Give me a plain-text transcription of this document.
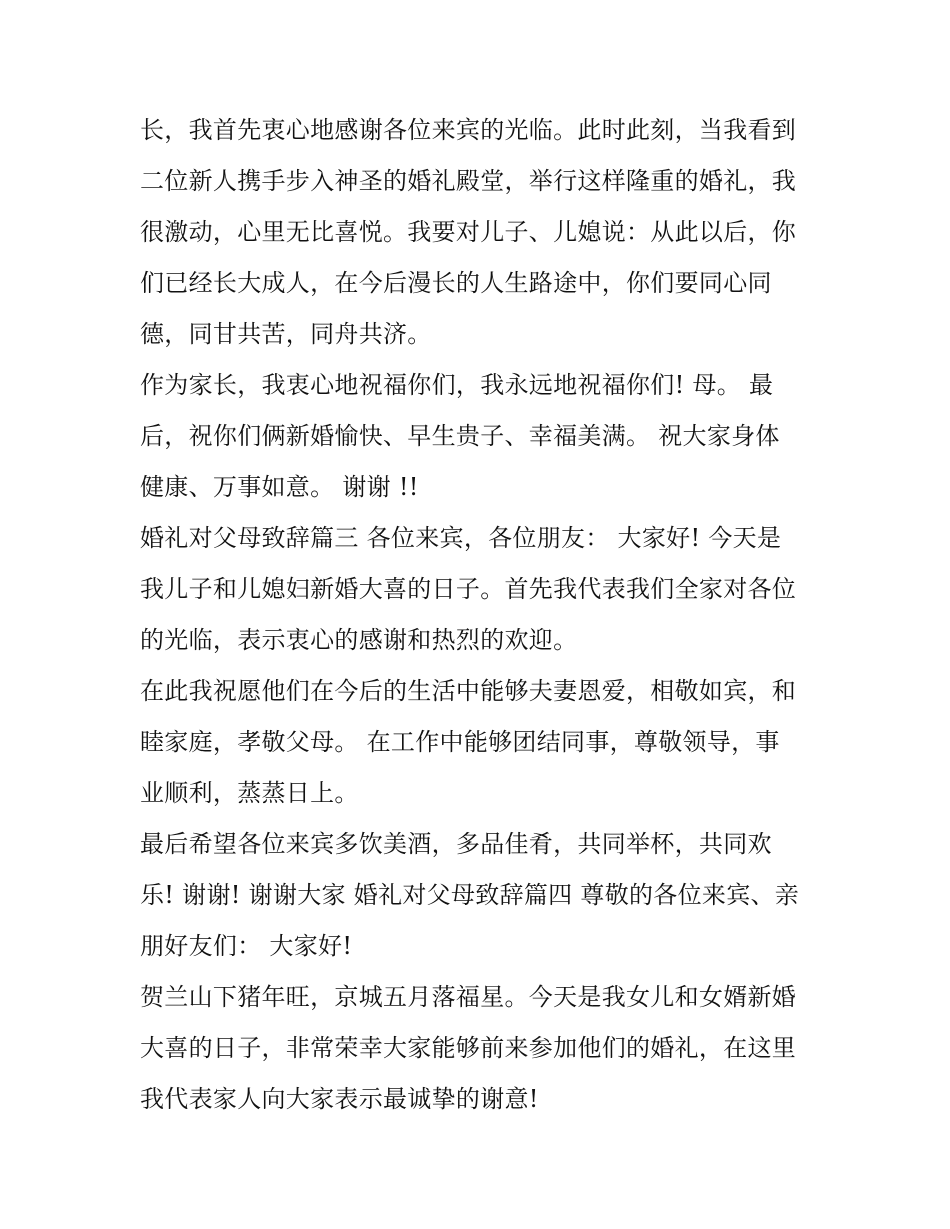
长，我首先衷心地感谢各位来宾的光临。此时此刻，当我看到
二位新人携手步入神圣的婚礼殿堂，举行这样隆重的婚礼，我
很激动，心里无比喜悦。我要对儿子、儿媳说：从此以后，你
们已经长大成人，在今后漫长的人生路途中，你们要同心同
德，同甘共苦，同舟共济。
作为家长，我衷心地祝福你们，我永远地祝福你们! 母。 最
后，祝你们俩新婚愉快、早生贵子、幸福美满。 祝大家身体
健康、万事如意。 谢谢 !!
婚礼对父母致辞篇三 各位来宾，各位朋友： 大家好! 今天是
我儿子和儿媳妇新婚大喜的日子。首先我代表我们全家对各位
的光临，表示衷心的感谢和热烈的欢迎。
在此我祝愿他们在今后的生活中能够夫妻恩爱，相敬如宾，和
睦家庭，孝敬父母。 在工作中能够团结同事，尊敬领导，事
业顺利，蒸蒸日上。
最后希望各位来宾多饮美酒，多品佳肴，共同举杯，共同欢
乐! 谢谢! 谢谢大家 婚礼对父母致辞篇四 尊敬的各位来宾、亲
朋好友们： 大家好!
贺兰山下猪年旺，京城五月落福星。今天是我女儿和女婿新婚
大喜的日子，非常荣幸大家能够前来参加他们的婚礼，在这里
我代表家人向大家表示最诚挚的谢意!
